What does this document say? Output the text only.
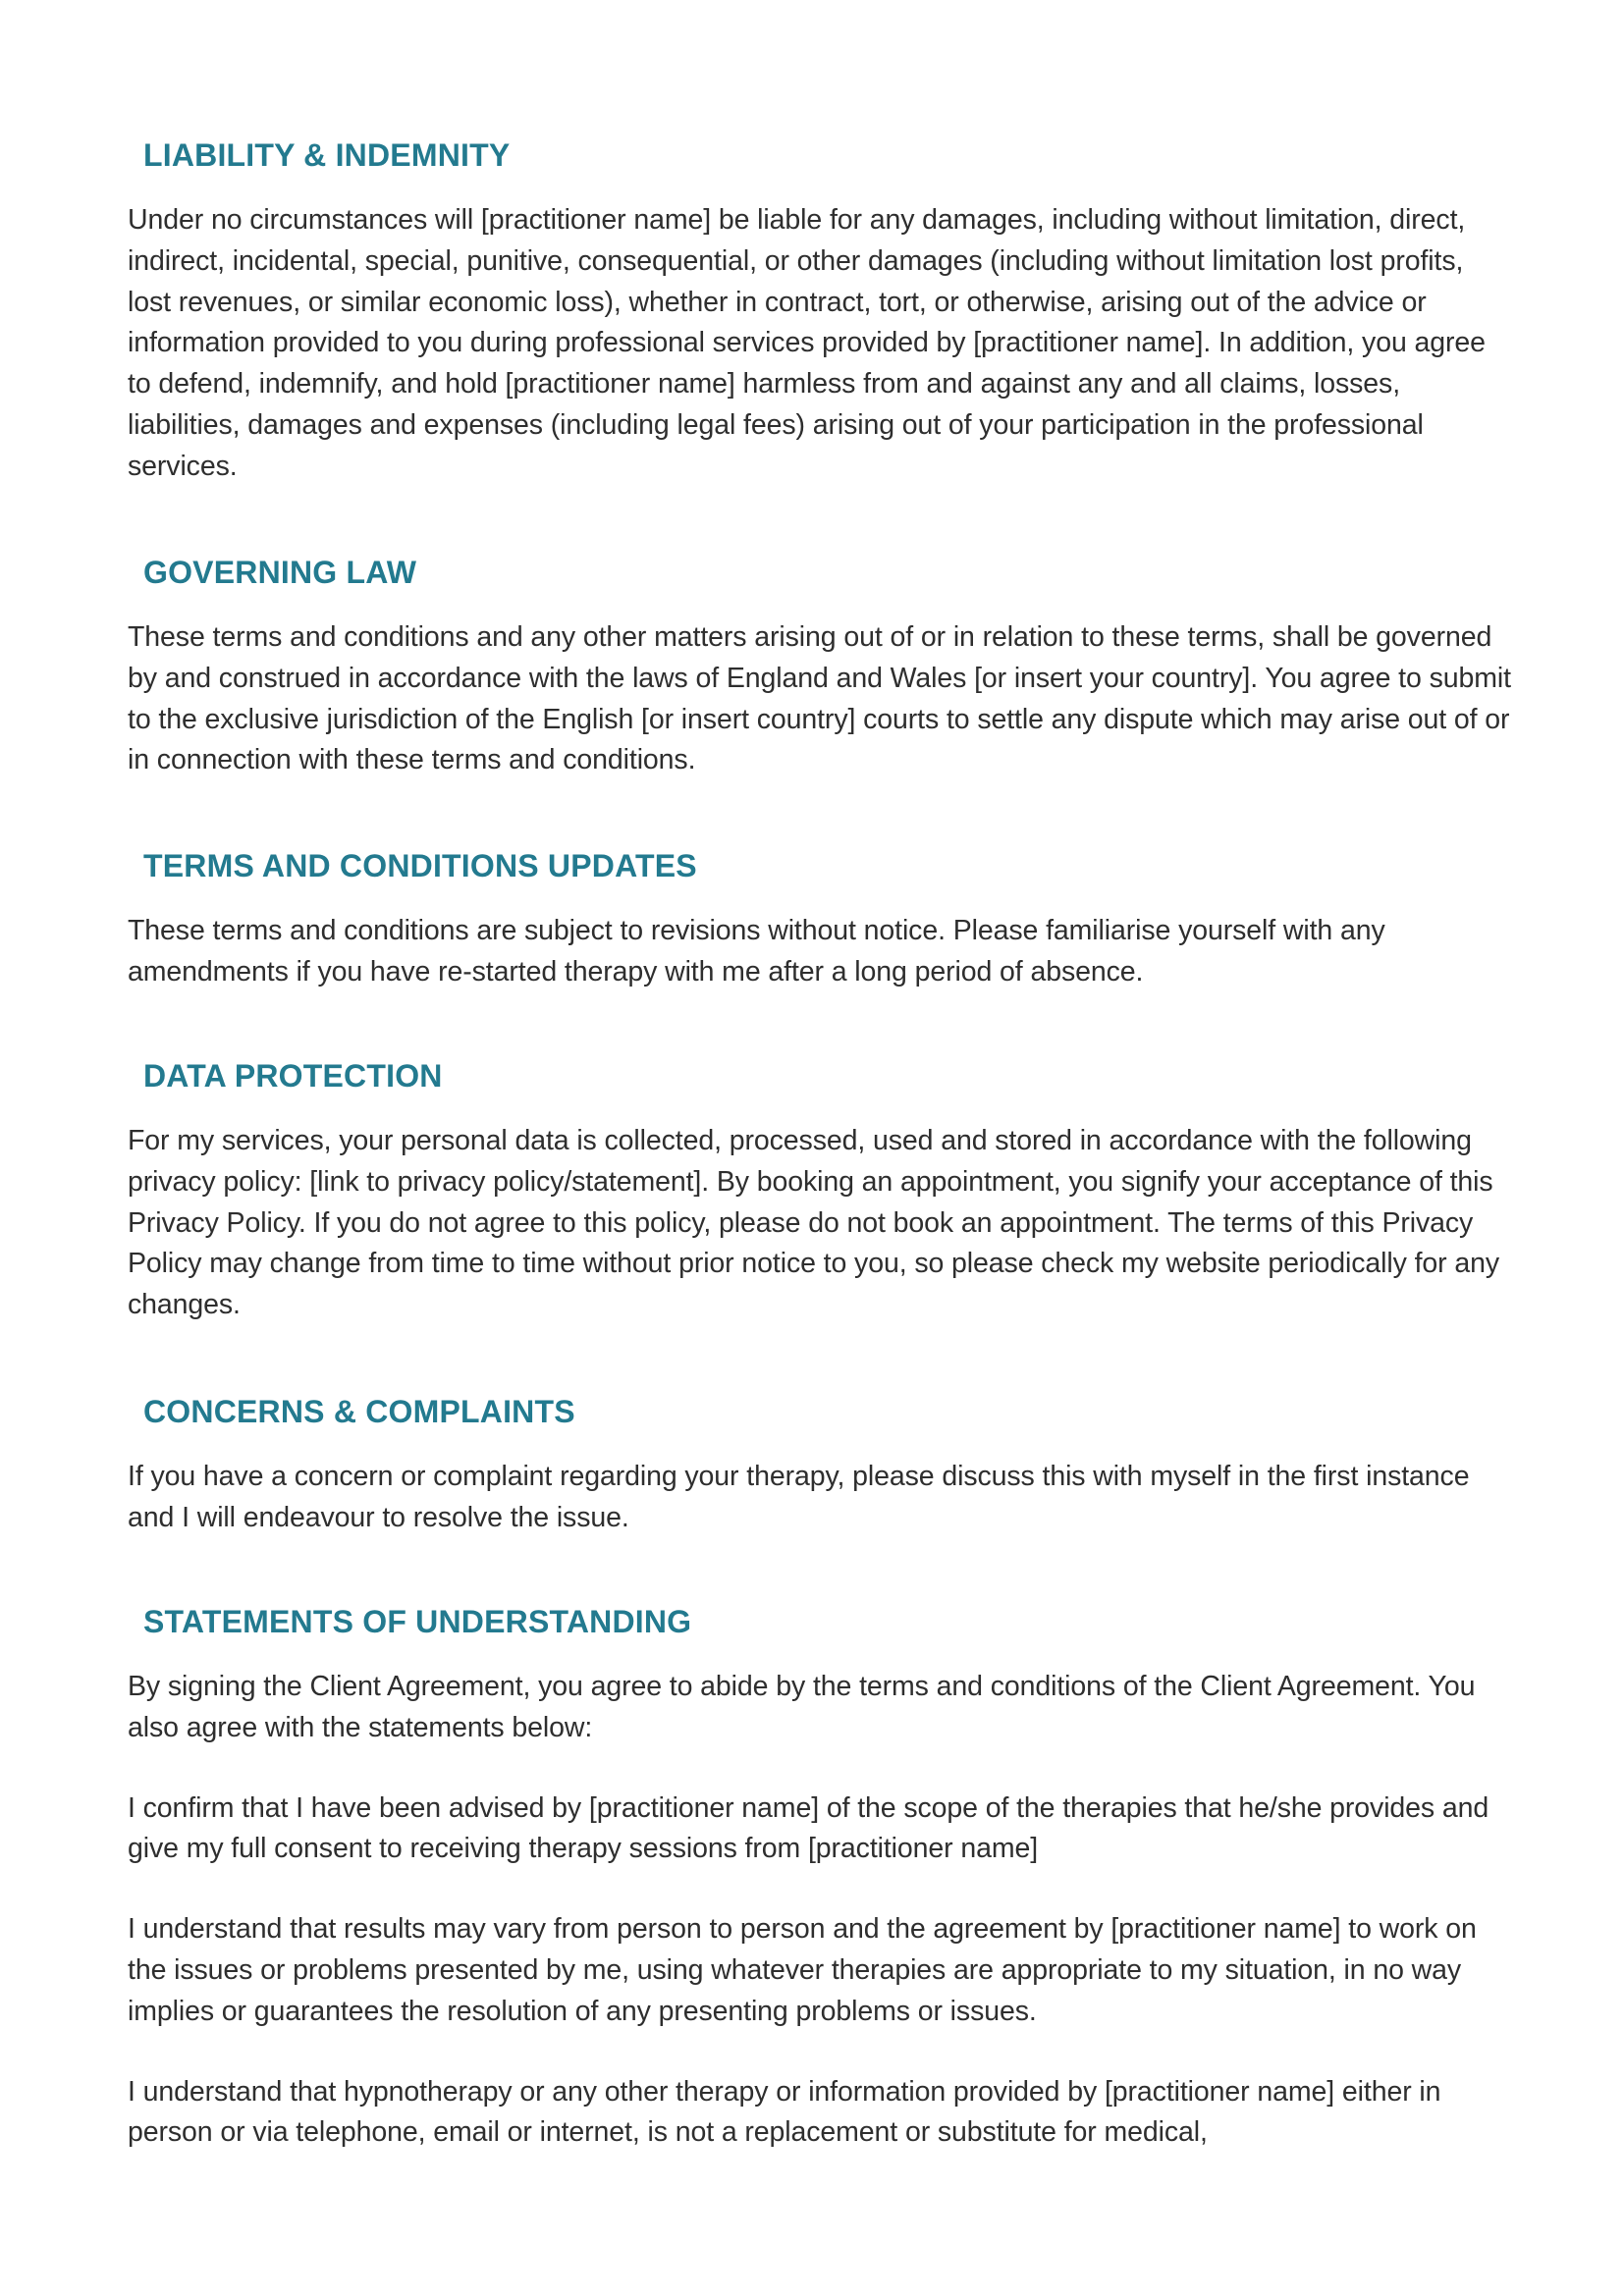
LIABILITY & INDEMNITY

Under no circumstances will [practitioner name] be liable for any damages, including without limitation, direct, indirect, incidental, special, punitive, consequential, or other damages (including without limitation lost profits, lost revenues, or similar economic loss), whether in contract, tort, or otherwise, arising out of the advice or information provided to you during professional services provided by [practitioner name]. In addition, you agree to defend, indemnify, and hold [practitioner name] harmless from and against any and all claims, losses, liabilities, damages and expenses (including legal fees) arising out of your participation in the professional services.

GOVERNING LAW

These terms and conditions and any other matters arising out of or in relation to these terms, shall be governed by and construed in accordance with the laws of England and Wales [or insert your country]. You agree to submit to the exclusive jurisdiction of the English [or insert country] courts to settle any dispute which may arise out of or in connection with these terms and conditions.

TERMS AND CONDITIONS UPDATES

These terms and conditions are subject to revisions without notice. Please familiarise yourself with any amendments if you have re-started therapy with me after a long period of absence.

DATA PROTECTION

For my services, your personal data is collected, processed, used and stored in accordance with the following privacy policy: [link to privacy policy/statement]. By booking an appointment, you signify your acceptance of this Privacy Policy. If you do not agree to this policy, please do not book an appointment. The terms of this Privacy Policy may change from time to time without prior notice to you, so please check my website periodically for any changes.

CONCERNS & COMPLAINTS

If you have a concern or complaint regarding your therapy, please discuss this with myself in the first instance and I will endeavour to resolve the issue.

STATEMENTS OF UNDERSTANDING

By signing the Client Agreement, you agree to abide by the terms and conditions of the Client Agreement. You also agree with the statements below:

I confirm that I have been advised by [practitioner name] of the scope of the therapies that he/she provides and give my full consent to receiving therapy sessions from [practitioner name]

I understand that results may vary from person to person and the agreement by [practitioner name] to work on the issues or problems presented by me, using whatever therapies are appropriate to my situation, in no way implies or guarantees the resolution of any presenting problems or issues.

I understand that hypnotherapy or any other therapy or information provided by [practitioner name] either in person or via telephone, email or internet, is not a replacement or substitute for medical,
